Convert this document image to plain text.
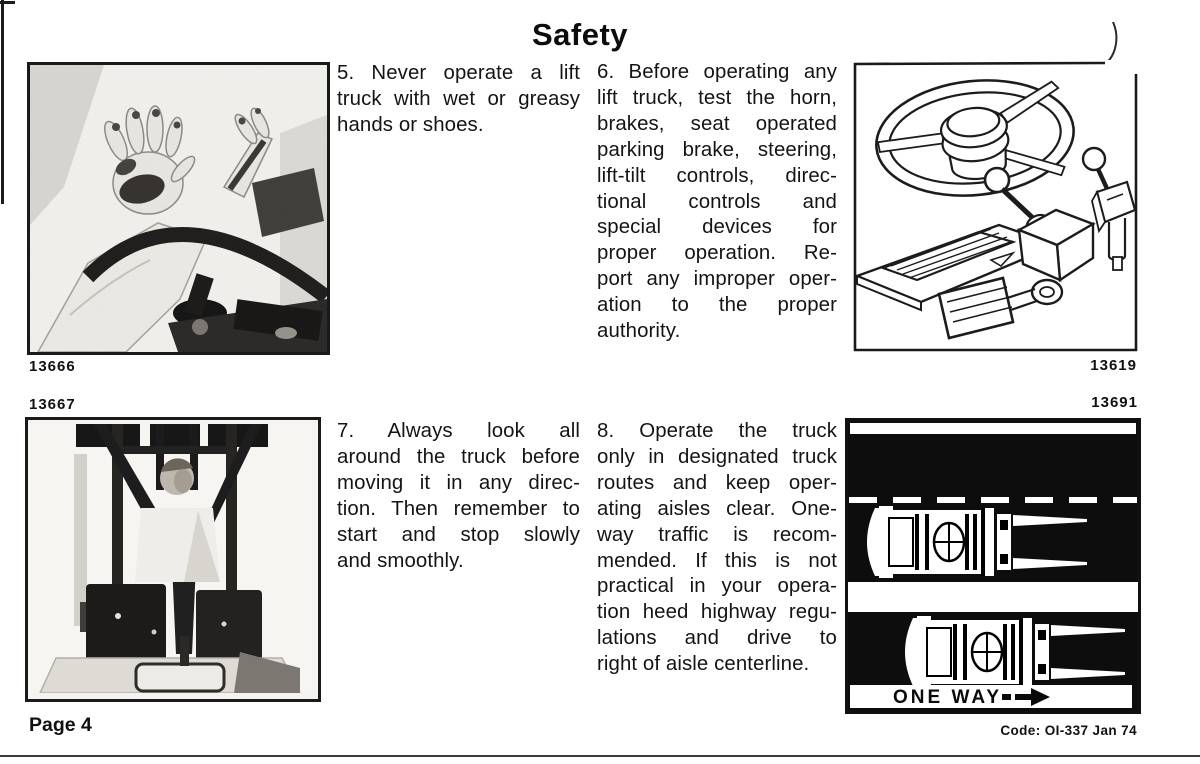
Safety
13666	13619
13667
ONE WAY
13691
5. Never operate a lift
truck with wet or greasy
hands or shoes.
6. Before operating any
lift truck, test the horn,
brakes, seat operated
parking brake, steering,
lift-tilt controls, direc-
tional controls and
special devices for
proper operation. Re-
port any improper oper-
ation to the proper
authority.
7. Always look all
around the truck before
moving it in any direc-
tion. Then remember to
start and stop slowly
and smoothly.
8. Operate the truck
only in designated truck
routes and keep oper-
ating aisles clear. One-
way traffic is recom-
mended. If this is not
practical in your opera-
tion heed highway regu-
lations and drive to
right of aisle centerline.
Page 4	Code: OI-337 Jan 74
